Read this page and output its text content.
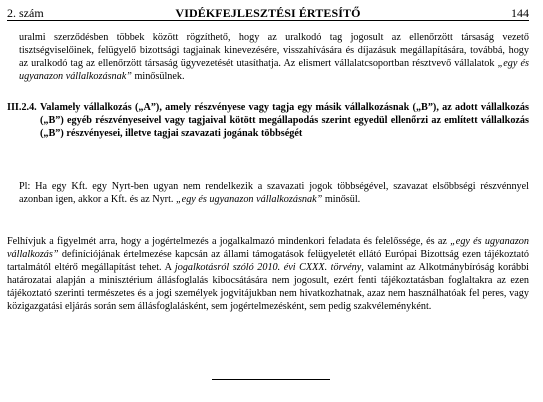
2. szám	VIDÉKFEJLESZTÉSI ÉRTESÍTŐ	144

uralmi szerződésben többek között rögzíthető, hogy az uralkodó tag jogosult az ellenőrzött társaság vezető tisztségviselőinek, felügyelő bizottsági tagjainak kinevezésére, visszahívására és díjazásuk megállapítására, továbbá, hogy az uralkodó tag az ellenőrzött társaság ügyvezetését utasíthatja. Az elismert vállalatcsoportban résztvevő vállalatok „egy és ugyanazon vállalkozásnak” minősülnek.

III.2.4. Valamely vállalkozás („A”), amely részvényese vagy tagja egy másik vállalkozásnak („B”), az adott vállalkozás („B”) egyéb részvényeseivel vagy tagjaival kötött megállapodás szerint egyedül ellenőrzi az említett vállalkozás („B”) részvényesei, illetve tagjai szavazati jogának többségét

Pl: Ha egy Kft. egy Nyrt-ben ugyan nem rendelkezik a szavazati jogok többségével, szavazat elsőbbségi részvénnyel azonban igen, akkor a Kft. és az Nyrt. „egy és ugyanazon vállalkozásnak” minősül.

Felhívjuk a figyelmét arra, hogy a jogértelmezés a jogalkalmazó mindenkori feladata és felelőssége, és az „egy és ugyanazon vállalkozás” definíciójának értelmezése kapcsán az állami támogatások felügyeletét ellátó Európai Bizottság ezen tájékoztató tartalmától eltérő megállapítást tehet. A jogalkotásról szóló 2010. évi CXXX. törvény, valamint az Alkotmánybíróság korábbi határozatai alapján a minisztérium állásfoglalás kibocsátására nem jogosult, ezért fenti tájékoztatásban foglaltakra az ezen tájékoztató szerinti természetes és a jogi személyek jogvitájukban nem hivatkozhatnak, azaz nem használhatóak fel peres, vagy közigazgatási eljárás során sem állásfoglalásként, sem jogértelmezésként, sem pedig szakvéleményként.
